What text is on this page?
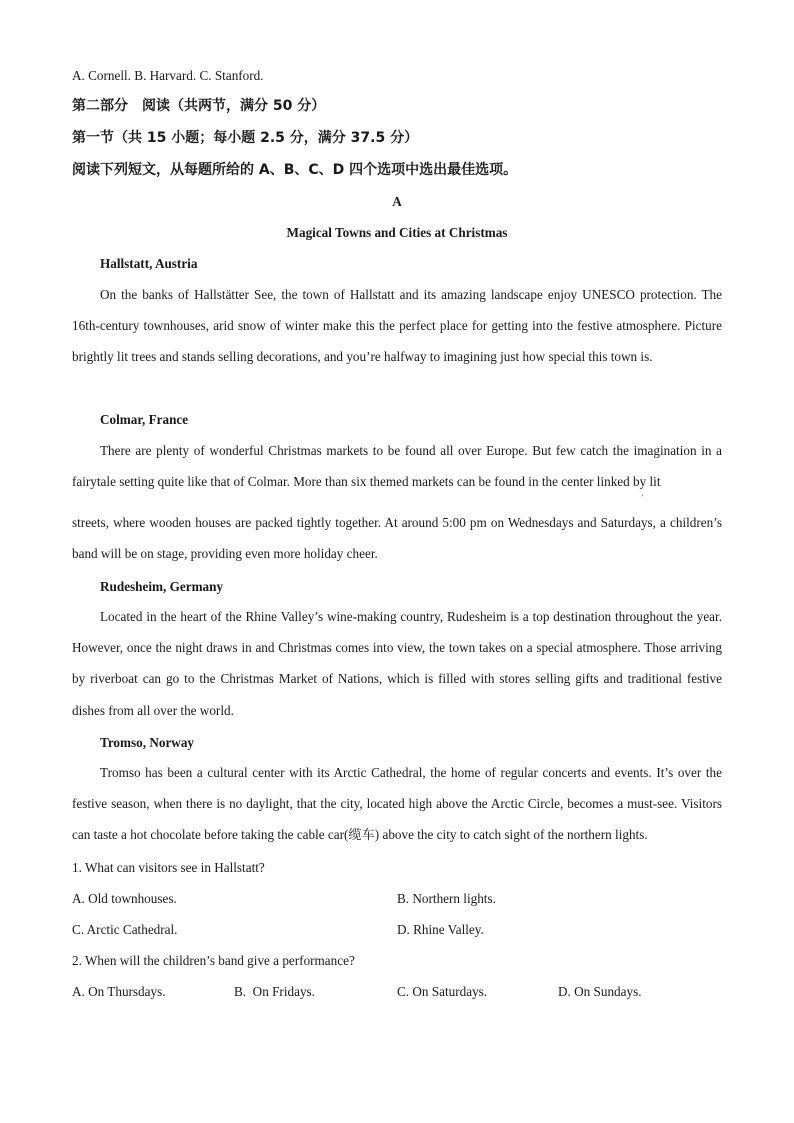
A. Cornell. B. Harvard. C. Stanford.
第二部分　阅读（共两节，满分 50 分）
第一节（共 15 小题；每小题 2.5 分，满分 37.5 分）
阅读下列短文，从每题所给的 A、B、C、D 四个选项中选出最佳选项。
A
Magical Towns and Cities at Christmas
Hallstatt, Austria
On the banks of Hallstätter See, the town of Hallstatt and its amazing landscape enjoy UNESCO protection. The 16th-century townhouses, arid snow of winter make this the perfect place for getting into the festive atmosphere. Picture brightly lit trees and stands selling decorations, and you’re halfway to imagining just how special this town is.
Colmar, France
There are plenty of wonderful Christmas markets to be found all over Europe. But few catch the imagination in a fairytale setting quite like that of Colmar. More than six themed markets can be found in the center linked by lit
'
streets, where wooden houses are packed tightly together. At around 5:00 pm on Wednesdays and Saturdays, a children’s band will be on stage, providing even more holiday cheer.
Rudesheim, Germany
Located in the heart of the Rhine Valley’s wine-making country, Rudesheim is a top destination throughout the year. However, once the night draws in and Christmas comes into view, the town takes on a special atmosphere. Those arriving by riverboat can go to the Christmas Market of Nations, which is filled with stores selling gifts and traditional festive dishes from all over the world.
Tromso, Norway
Tromso has been a cultural center with its Arctic Cathedral, the home of regular concerts and events. It’s over the festive season, when there is no daylight, that the city, located high above the Arctic Circle, becomes a must-see. Visitors can taste a hot chocolate before taking the cable car(缆车) above the city to catch sight of the northern lights.
1. What can visitors see in Hallstatt?
A. Old townhouses.	B. Northern lights.
C. Arctic Cathedral.	D. Rhine Valley.
2. When will the children’s band give a performance?
A. On Thursdays.	B.  On Fridays.	C. On Saturdays.	D. On Sundays.
